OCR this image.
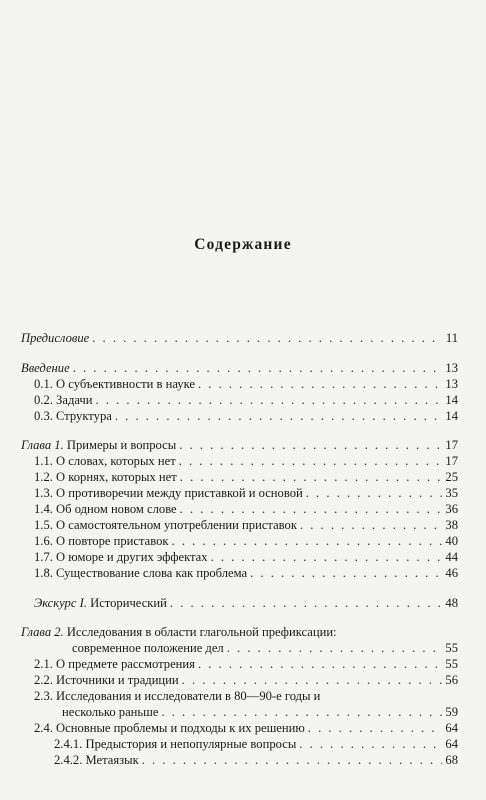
Содержание
Предисловие . . .	11
Введение . . .	13
0.1. О субъективности в науке . . .	13
0.2. Задачи . . .	14
0.3. Структура . . .	14
Глава 1. Примеры и вопросы . . .	17
1.1. О словах, которых нет . . .	17
1.2. О корнях, которых нет . . .	25
1.3. О противоречии между приставкой и основой . . .	35
1.4. Об одном новом слове . . .	36
1.5. О самостоятельном употреблении приставок . . .	38
1.6. О повторе приставок . . .	40
1.7. О юморе и других эффектах . . .	44
1.8. Существование слова как проблема . . .	46
Экскурс I. Исторический . . .	48
Глава 2. Исследования в области глагольной префиксации:
современное положение дел . . .	55
2.1. О предмете рассмотрения . . .	55
2.2. Источники и традиции . . .	56
2.3. Исследования и исследователи в 80—90-е годы и
несколько раньше . . .	59
2.4. Основные проблемы и подходы к их решению . . .	64
2.4.1. Предыстория и непопулярные вопросы . . .	64
2.4.2. Метаязык . . .	68
